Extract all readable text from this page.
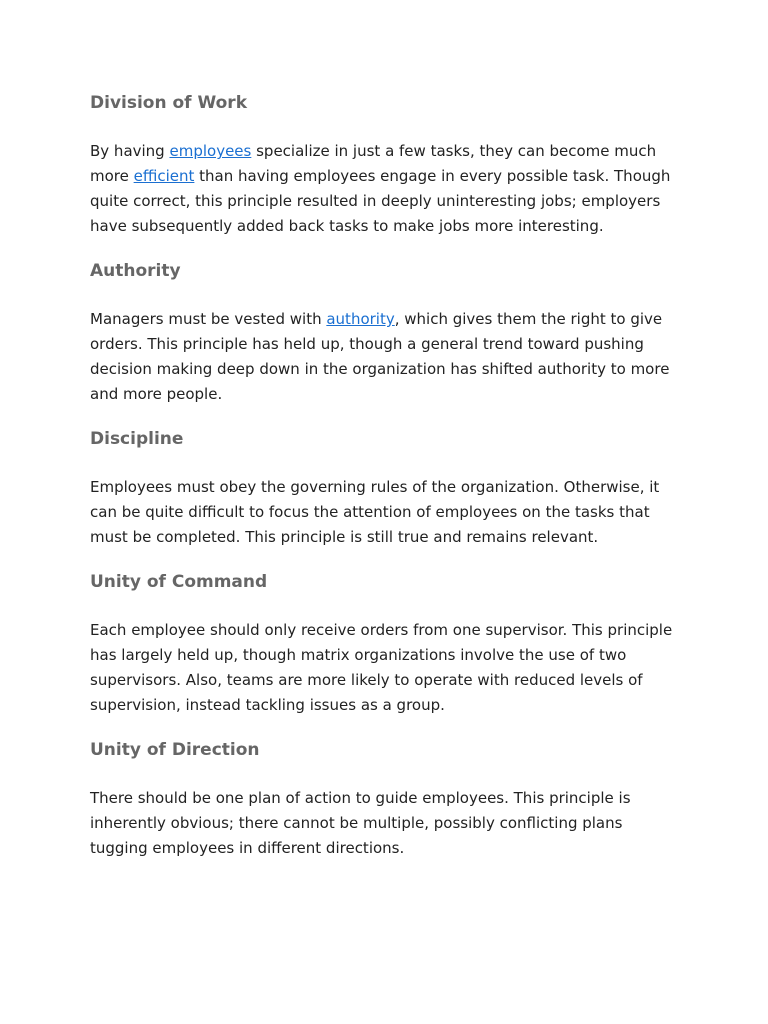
Division of Work

By having employees specialize in just a few tasks, they can become much more efficient than having employees engage in every possible task. Though quite correct, this principle resulted in deeply uninteresting jobs; employers have subsequently added back tasks to make jobs more interesting.

Authority

Managers must be vested with authority, which gives them the right to give orders. This principle has held up, though a general trend toward pushing decision making deep down in the organization has shifted authority to more and more people.

Discipline

Employees must obey the governing rules of the organization. Otherwise, it can be quite difficult to focus the attention of employees on the tasks that must be completed. This principle is still true and remains relevant.

Unity of Command

Each employee should only receive orders from one supervisor. This principle has largely held up, though matrix organizations involve the use of two supervisors. Also, teams are more likely to operate with reduced levels of supervision, instead tackling issues as a group.

Unity of Direction

There should be one plan of action to guide employees. This principle is inherently obvious; there cannot be multiple, possibly conflicting plans tugging employees in different directions.
